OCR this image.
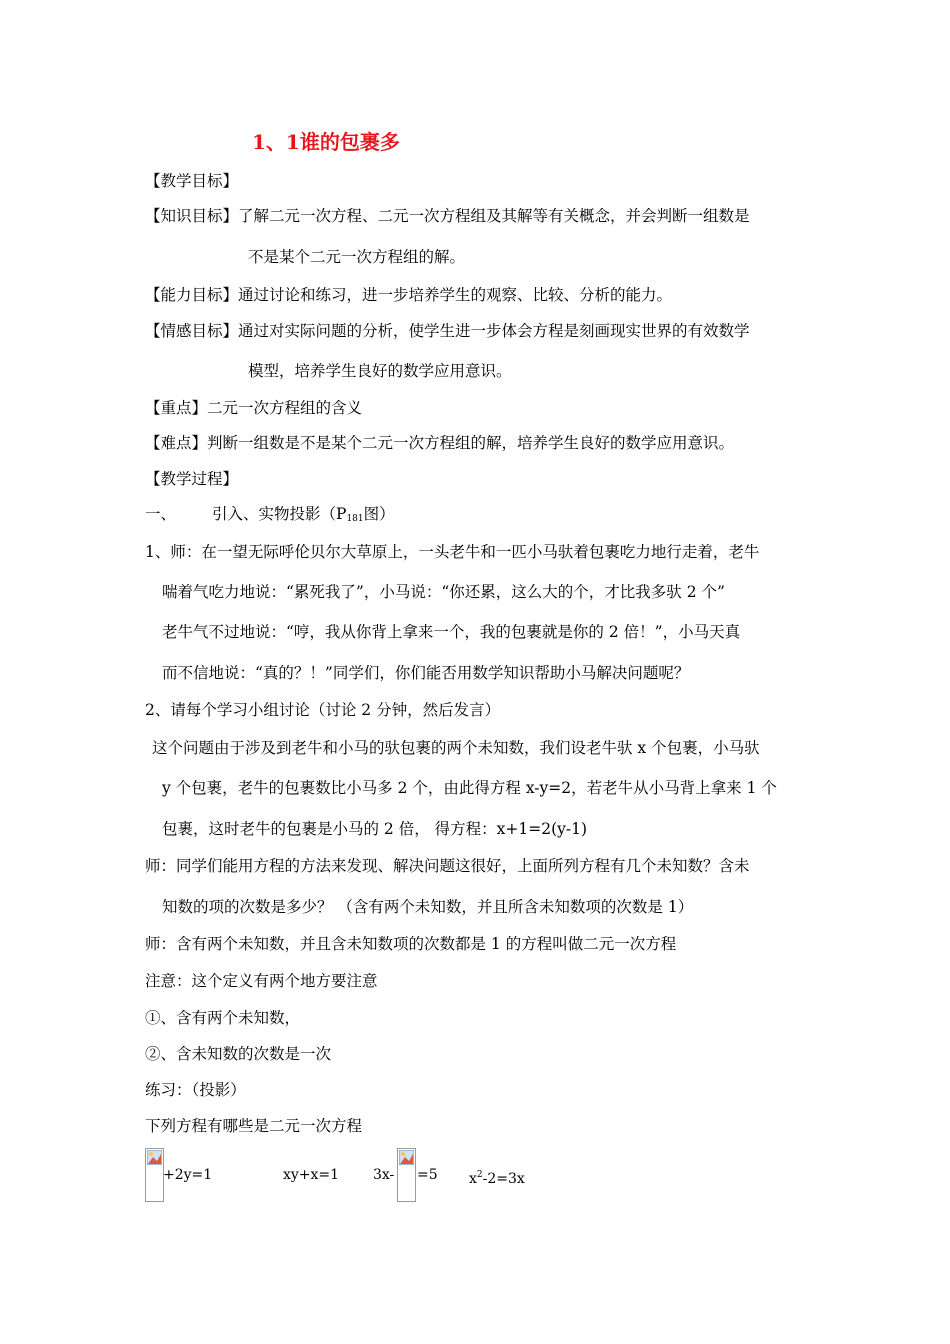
1、1谁的包裹多
【教学目标】
【知识目标】了解二元一次方程、二元一次方程组及其解等有关概念，并会判断一组数是
不是某个二元一次方程组的解。
【能力目标】通过讨论和练习，进一步培养学生的观察、比较、分析的能力。
【情感目标】通过对实际问题的分析，使学生进一步体会方程是刻画现实世界的有效数学
模型，培养学生良好的数学应用意识。
【重点】二元一次方程组的含义
【难点】判断一组数是不是某个二元一次方程组的解，培养学生良好的数学应用意识。
【教学过程】
一、 引入、实物投影（$P_{181}$图）
1、师：在一望无际呼伦贝尔大草原上，一头老牛和一匹小马驮着包裹吃力地行走着，老牛
喘着气吃力地说：“累死我了”，小马说：“你还累，这么大的个，才比我多驮 2 个”
老牛气不过地说：“哼，我从你背上拿来一个，我的包裹就是你的 2 倍！”，小马天真
而不信地说：“真的？！”同学们，你们能否用数学知识帮助小马解决问题呢？
2、请每个学习小组讨论（讨论 2 分钟，然后发言）
这个问题由于涉及到老牛和小马的驮包裹的两个未知数，我们设老牛驮 x 个包裹，小马驮
y 个包裹，老牛的包裹数比小马多 2 个，由此得方程 x-y=2，若老牛从小马背上拿来 1 个
包裹，这时老牛的包裹是小马的 2 倍， 得方程：x+1=2(y-1)
师：同学们能用方程的方法来发现、解决问题这很好，上面所列方程有几个未知数？含未
知数的项的次数是多少？ （含有两个未知数，并且所含未知数项的次数是 1）
师：含有两个未知数，并且含未知数项的次数都是 1 的方程叫做二元一次方程
注意：这个定义有两个地方要注意
①、含有两个未知数，
②、含未知数的次数是一次
练习：（投影）
下列方程有哪些是二元一次方程
+2y=1	xy+x=1 3x- =5 $x^2-2=3x$
